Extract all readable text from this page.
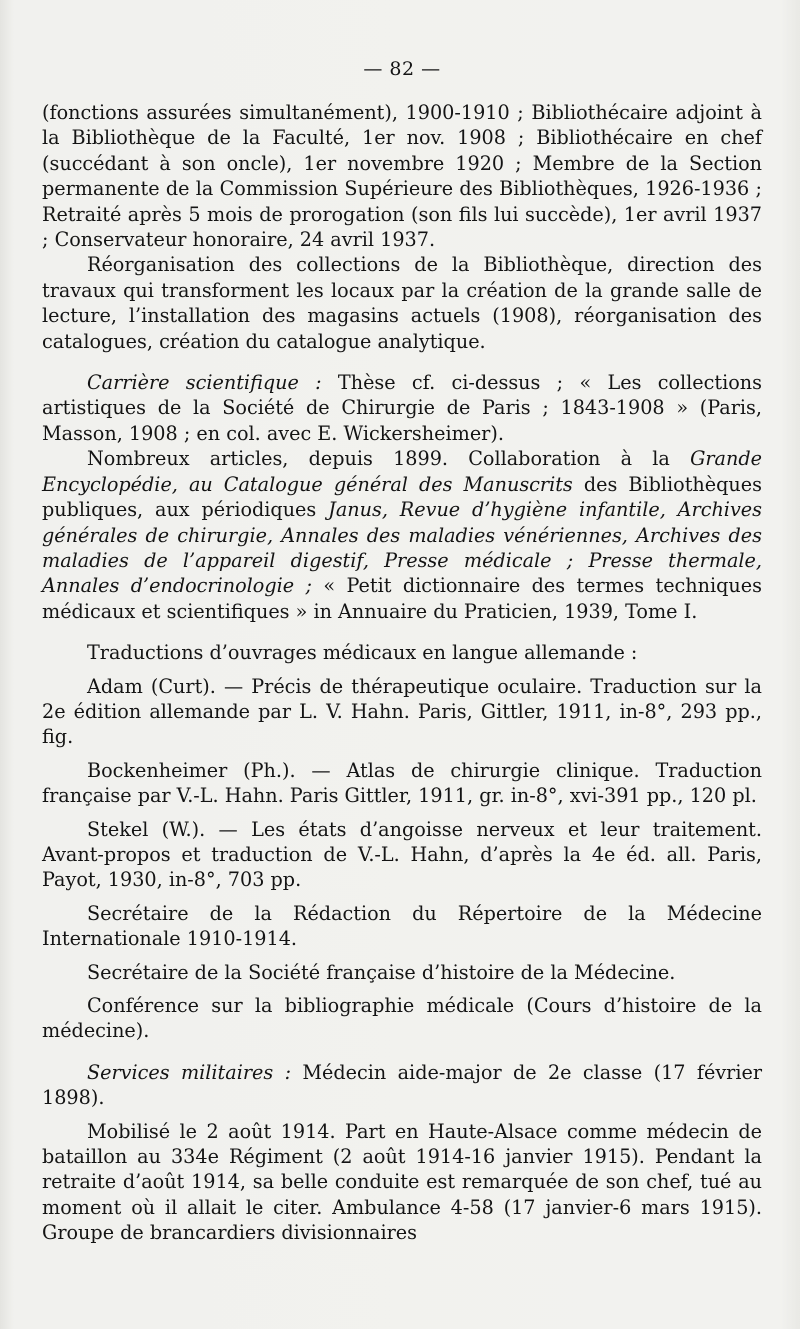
— 82 —

(fonctions assurées simultanément), 1900-1910 ; Bibliothécaire adjoint à la Bibliothèque de la Faculté, 1er nov. 1908 ; Bibliothécaire en chef (succédant à son oncle), 1er novembre 1920 ; Membre de la Section permanente de la Commission Supérieure des Bibliothèques, 1926-1936 ; Retraité après 5 mois de prorogation (son fils lui succède), 1er avril 1937 ; Conservateur honoraire, 24 avril 1937.

Réorganisation des collections de la Bibliothèque, direction des travaux qui transforment les locaux par la création de la grande salle de lecture, l’installation des magasins actuels (1908), réorganisation des catalogues, création du catalogue analytique.

Carrière scientifique : Thèse cf. ci-dessus ; « Les collections artistiques de la Société de Chirurgie de Paris ; 1843-1908 » (Paris, Masson, 1908 ; en col. avec E. Wickersheimer).

Nombreux articles, depuis 1899. Collaboration à la Grande Encyclopédie, au Catalogue général des Manuscrits des Bibliothèques publiques, aux périodiques Janus, Revue d’hygiène infantile, Archives générales de chirurgie, Annales des maladies vénériennes, Archives des maladies de l’appareil digestif, Presse médicale ; Presse thermale, Annales d’endocrinologie ; « Petit dictionnaire des termes techniques médicaux et scientifiques » in Annuaire du Praticien, 1939, Tome I.

Traductions d’ouvrages médicaux en langue allemande :

Adam (Curt). — Précis de thérapeutique oculaire. Traduction sur la 2e édition allemande par L. V. Hahn. Paris, Gittler, 1911, in-8°, 293 pp., fig.

Bockenheimer (Ph.). — Atlas de chirurgie clinique. Traduction française par V.-L. Hahn. Paris Gittler, 1911, gr. in-8°, xvi-391 pp., 120 pl.

Stekel (W.). — Les états d’angoisse nerveux et leur traitement. Avant-propos et traduction de V.-L. Hahn, d’après la 4e éd. all. Paris, Payot, 1930, in-8°, 703 pp.

Secrétaire de la Rédaction du Répertoire de la Médecine Internationale 1910-1914.

Secrétaire de la Société française d’histoire de la Médecine.

Conférence sur la bibliographie médicale (Cours d’histoire de la médecine).

Services militaires : Médecin aide-major de 2e classe (17 février 1898).

Mobilisé le 2 août 1914. Part en Haute-Alsace comme médecin de bataillon au 334e Régiment (2 août 1914-16 janvier 1915). Pendant la retraite d’août 1914, sa belle conduite est remarquée de son chef, tué au moment où il allait le citer. Ambulance 4-58 (17 janvier-6 mars 1915). Groupe de brancardiers divisionnaires
